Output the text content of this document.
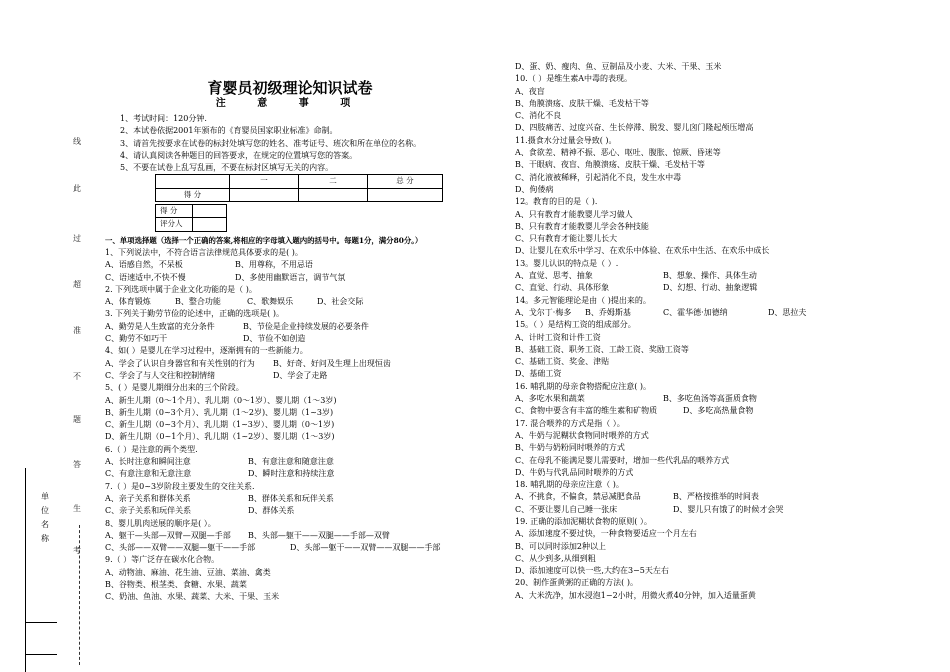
单位名称
线
此
过
超
准
不
题
答
生
考
育婴员初级理论知识试卷
注 意 事 项
1、考试时间：120分钟.
2、本试卷依据2001年颁布的《育婴员国家职业标准》命制。
3、请首先按要求在试卷的标封处填写您的姓名、准考证号、班次和所在单位的名称。
4、请认真阅读各种题目的回答要求，在规定的位置填写您的答案。
5、不要在试卷上乱写乱画，不要在标封区填写无关的内容。
	一	二	总 分
得 分			
得 分	
评分人	
一、单项选择题（选择一个正确的答案,将相应的字母填入题内的括号中。每题1分，满分80分。）
1、下列说法中，不符合语言法律规范具体要求的是( )。
A、语感自然，不呆板	B、用尊称，不用忌语
C、语速适中,不快不慢	D、多使用幽默语言，调节气氛
2. 下列选项中属于企业文化功能的是（ )。
A、体育锻炼	B、整合功能	C、歌舞娱乐	D、社会交际
3. 下列关于勤劳节俭的论述中，正确的选项是( )。
A、勤劳是人生致富的充分条件	B、节俭是企业持续发展的必要条件
C、勤劳不如巧干	D、节俭不如创造
4、如( ）是婴儿在学习过程中，逐渐拥有的一些新能力。
A、学会了认识自身器官和有关性别的行为	B、好奇、好问及生理上出现恒齿
C、学会了与人交往和控制情绪	D、学会了走路
5、( ）是婴儿期细分出来的三个阶段。
A、新生儿期（0～1个月）、乳儿期（0～1岁）、婴儿期（1～3岁)
B、新生儿期（0~3个月）、乳儿期（1～2岁)、婴儿期（1~3岁)
C、新生儿期（0~3个月）、乳儿期（1~3岁）、婴儿期（0～1岁)
D、新生儿期（0~1个月）、乳儿期（1~2岁）、婴儿期（1～3岁)
6.（ ）是注意的两个类型.
A、长时注意和瞬间注意	B、有意注意和随意注意
C、有意注意和无意注意	D、瞬时注意和持续注意
7.（ ）是0~3岁阶段主要发生的交往关系.
A、亲子关系和群体关系	B、群体关系和玩伴关系
C、亲子关系和玩伴关系	D、群体关系
8、婴儿肌肉送展的顺序是( ）。
A、躯干—头部—双臂—双腿—手部	B、头部—躯干——双腿——手部—双臂
C、头部——双臂——双腿—躯干——手部	D、头部—躯干——双臂——双腿——手部
9.（ ）等广泛存在碳水化合物。
A、动物油、麻油、花生油、豆油、菜油、禽类
B、谷物类、根茎类、食糖、水果、蔬菜
C、奶油、鱼油、水果、蔬菜、大米、干果、玉米
D、蛋、奶、瘦肉、鱼、豆制品及小麦、大米、干果、玉米
10.（ ）是维生素A中毒的表现。
A、夜盲
B、角膜溃疡、皮肤干燥、毛发枯干等
C、消化不良
D、四肢痛苦、过度兴奋、生长停滞、脱发、婴儿囟门隆起颅压增高
11.摄食水分过量会导致( )。
A、食欲差、精神不振、恶心、呕吐、腹胀、惊厥、昏迷等
B、干眼病、夜盲、角膜溃疡、皮肤干燥、毛发枯干等
C、消化液被稀释，引起消化不良，发生水中毒
D、佝偻病
12。教育的目的是（ )．
A、只有教育才能教婴儿学习做人
B、只有教育才能教婴儿学会各种技能
C、只有教育才能让婴儿长大
D、让婴儿在欢乐中学习、在欢乐中体验、在欢乐中生活、在欢乐中成长
13。婴儿认识的特点是（ ）.
A、直觉、思考、抽象	B、想象、操作、具体生动
C、直觉、行动、具体形象	D、幻想、行动、抽象逻辑
14。多元智能理论是由（ )提出来的。
A、戈尔丁·梅多	B、乔姆斯基	C、霍华德·加德纳	D、思拉夫
15。（ ）是结构工资的组成部分。
A、计时工资和计件工资
B、基础工资、职务工资、工龄工资、奖励工资等
C、基础工资、奖金、津贴
D、基础工资
16. 哺乳期的母亲食物搭配应注意( )。
A、多吃水果和蔬菜	B、多吃鱼汤等高蛋质食物
C、食物中要含有丰富的维生素和矿物质	D、多吃高热量食物
17. 混合喂养的方式是指（ ）。
A、牛奶与泥糊状食物同时喂养的方式
B、牛奶与奶粉同时喂养的方式
C、在母乳不能满足婴儿需要时，增加一些代乳品的喂养方式
D、牛奶与代乳品同时喂养的方式
18. 哺乳期的母亲应注意（ )。
A、不挑食，不偏食，禁忌减肥食品	B、严格按推举的时间表
C、不要让婴儿自己睡一张床	D、婴儿只有饿了的时候才会哭
19. 正确的添加泥糊状食物的原则( ）。
A、添加速度不要过快，一种食物要适应一个月左右
B、可以同时添加2种以上
C、从少到多,从细到粗
D、添加速度可以快一些,大约在3−5天左右
20、制作蛋黄粥的正确的方法( )。
A、大米洗净，加水浸泡1−2小时，用微火煮40分钟，加入适量蛋黄
